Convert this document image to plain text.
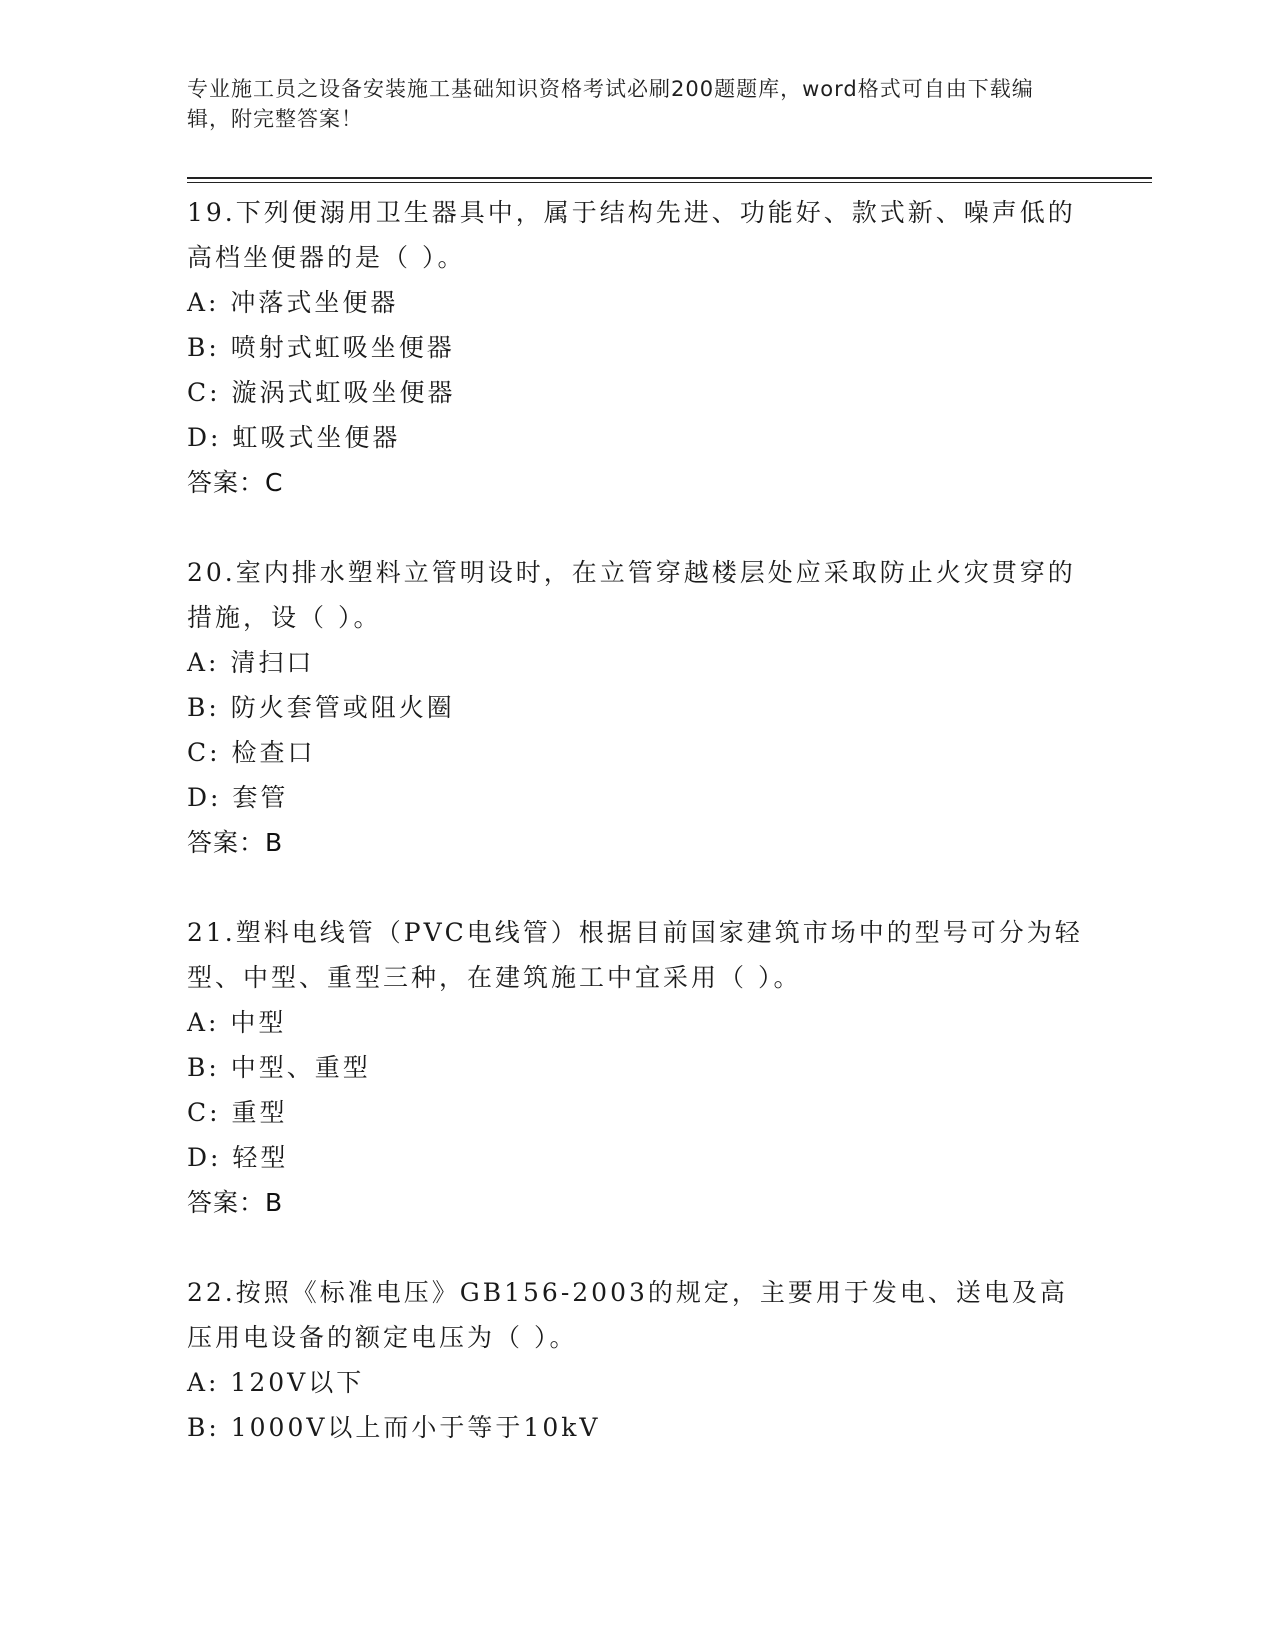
专业施工员之设备安装施工基础知识资格考试必刷200题题库，word格式可自由下载编辑，附完整答案！
19.下列便溺用卫生器具中，属于结构先进、功能好、款式新、噪声低的高档坐便器的是（ ）。
A: 冲落式坐便器
B: 喷射式虹吸坐便器
C: 漩涡式虹吸坐便器
D: 虹吸式坐便器
答案：C
20.室内排水塑料立管明设时，在立管穿越楼层处应采取防止火灾贯穿的措施，设（ ）。
A: 清扫口
B: 防火套管或阻火圈
C: 检查口
D: 套管
答案：B
21.塑料电线管（PVC电线管）根据目前国家建筑市场中的型号可分为轻型、中型、重型三种，在建筑施工中宜采用（ ）。
A: 中型
B: 中型、重型
C: 重型
D: 轻型
答案：B
22.按照《标准电压》GB156-2003的规定，主要用于发电、送电及高压用电设备的额定电压为（ ）。
A: 120V以下
B: 1000V以上而小于等于10kV
